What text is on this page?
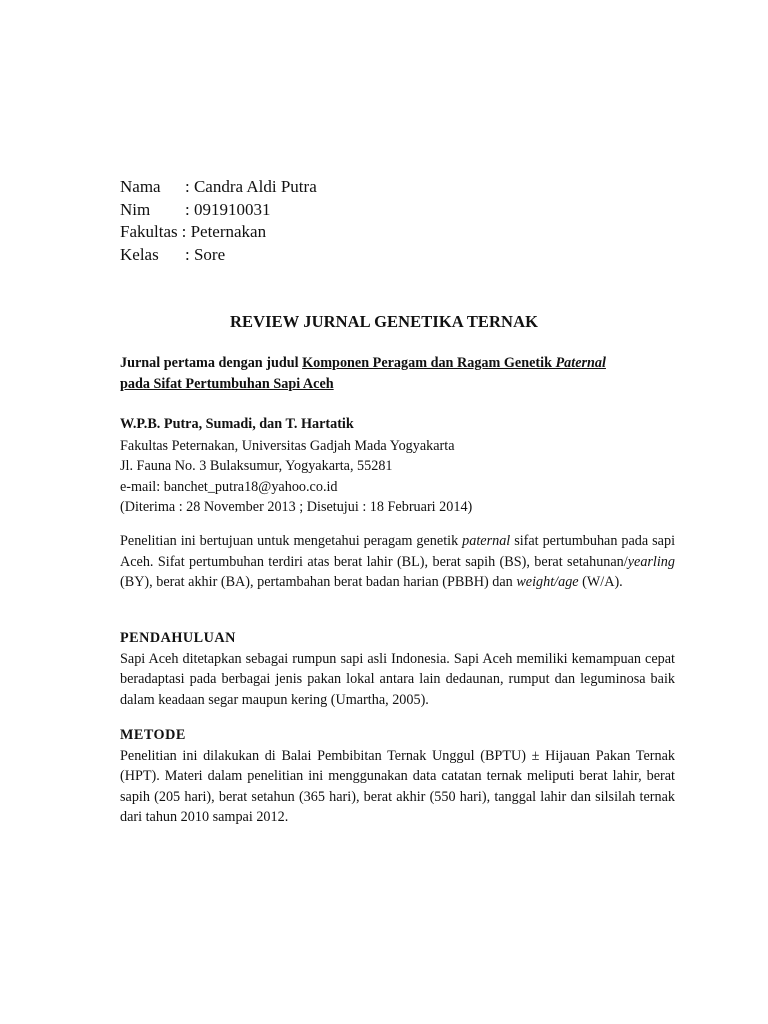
Nama	: Candra Aldi Putra
Nim	: 091910031
Fakultas : Peternakan
Kelas	: Sore
REVIEW JURNAL GENETIKA TERNAK
Jurnal pertama dengan judul Komponen Peragam dan Ragam Genetik Paternal
pada Sifat Pertumbuhan Sapi Aceh
W.P.B. Putra, Sumadi, dan T. Hartatik
Fakultas Peternakan, Universitas Gadjah Mada Yogyakarta
Jl. Fauna No. 3 Bulaksumur, Yogyakarta, 55281
e-mail: banchet_putra18@yahoo.co.id
(Diterima : 28 November 2013 ; Disetujui : 18 Februari 2014)
Penelitian ini bertujuan untuk mengetahui peragam genetik paternal sifat pertumbuhan pada sapi Aceh. Sifat pertumbuhan terdiri atas berat lahir (BL), berat sapih (BS), berat setahunan/yearling (BY), berat akhir (BA), pertambahan berat badan harian (PBBH) dan weight/age (W/A).
PENDAHULUAN
Sapi Aceh ditetapkan sebagai rumpun sapi asli Indonesia. Sapi Aceh memiliki kemampuan cepat beradaptasi pada berbagai jenis pakan lokal antara lain dedaunan, rumput dan leguminosa baik dalam keadaan segar maupun kering (Umartha, 2005).
METODE
Penelitian ini dilakukan di Balai Pembibitan Ternak Unggul (BPTU) ± Hijauan Pakan Ternak (HPT). Materi dalam penelitian ini menggunakan data catatan ternak meliputi berat lahir, berat sapih (205 hari), berat setahun (365 hari), berat akhir (550 hari), tanggal lahir dan silsilah ternak dari tahun 2010 sampai 2012.
